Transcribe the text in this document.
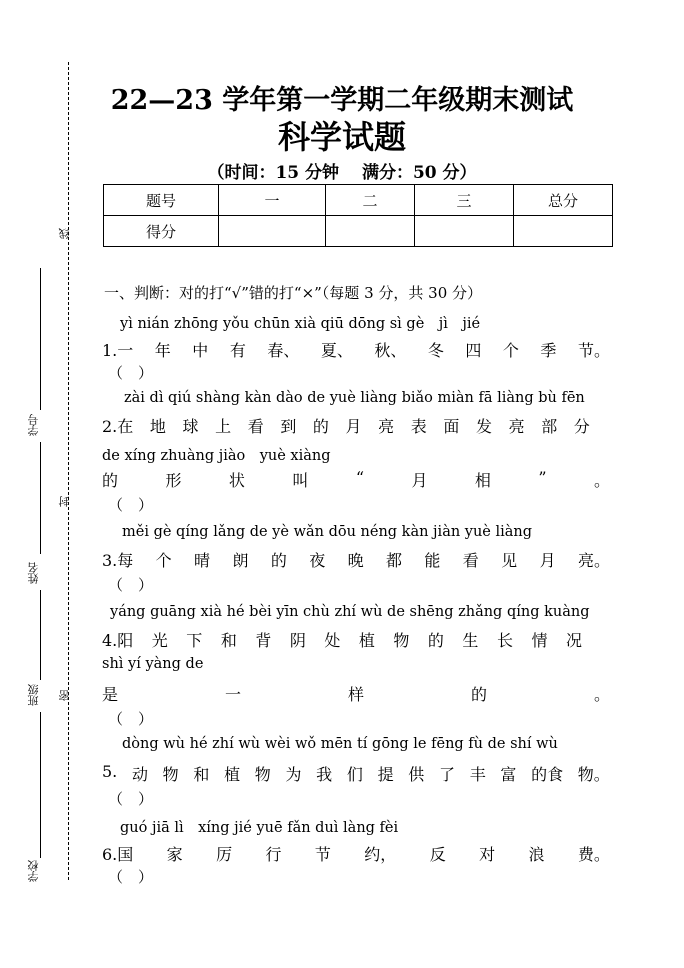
线
封
密
学号
姓名
班级
学校
22—23 学年第一学期二年级期末测试
科学试题
（时间：15 分钟　 满分：50 分）
题号	一	二	三	总分
得分				
一、判断：对的打“√”错的打“×”（每题 3 分，共 30 分）
yì nián zhōng yǒu chūn xià qiū dōng sì gè　jì　jié
1.一 年 中 有 春、 夏、 秋、 冬 四 个 季 节。
（　）
zài dì qiú shàng kàn dào de yuè liàng biǎo miàn fā liàng bù fēn
2.在 地 球 上 看 到 的 月 亮 表 面 发 亮 部 分
de xíng zhuàng jiào　yuè xiàng
的	形	状	叫	“	月	相	”	。
（　）
měi gè qíng lǎng de yè wǎn dōu néng kàn jiàn yuè liàng
3.每 个 晴 朗 的 夜 晚 都 能 看 见 月 亮。
（　）
yáng guāng xià hé bèi yīn chù zhí wù de shēng zhǎng qíng kuàng
4.阳 光 下 和 背 阴 处 植 物 的 生 长 情 况
shì yí yàng de
是	一	样	的	。
（　）
dòng wù hé zhí wù wèi wǒ mēn tí gōng le fēng fù de shí wù
5. 动 物 和 植 物 为 我 们 提 供 了 丰 富 的食 物。
（　）
guó jiā lì　xíng jié yuē fǎn duì làng fèi
6.国 家 厉 行 节 约， 反 对 浪 费。
（　）
